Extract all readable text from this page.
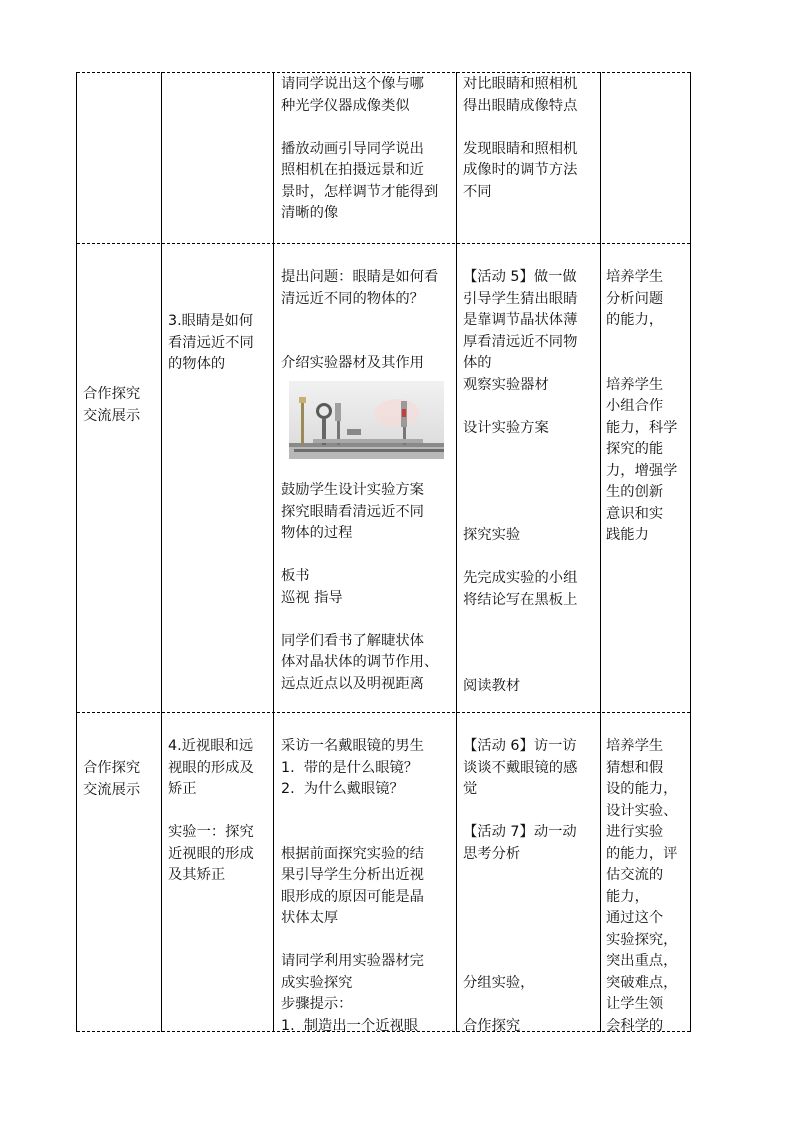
请同学说出这个像与哪
种光学仪器成像类似

播放动画引导同学说出
照相机在拍摄远景和近
景时，怎样调节才能得到
清晰的像
对比眼睛和照相机
得出眼睛成像特点

发现眼睛和照相机
成像时的调节方法
不同
合作探究
交流展示
3.眼睛是如何
看清远近不同
的物体的
提出问题：眼睛是如何看
清远近不同的物体的？

介绍实验器材及其作用
鼓励学生设计实验方案
探究眼睛看清远近不同
物体的过程

板书
巡视 指导

同学们看书了解睫状体
体对晶状体的调节作用、
远点近点以及明视距离
【活动 5】做一做
引导学生猜出眼睛
是靠调节晶状体薄
厚看清远近不同物
体的
观察实验器材

设计实验方案

探究实验

先完成实验的小组
将结论写在黑板上

阅读教材
培养学生
分析问题
的能力，

培养学生
小组合作
能力，科学
探究的能
力，增强学
生的创新
意识和实
践能力
合作探究
交流展示
4.近视眼和远
视眼的形成及
矫正

实验一：探究
近视眼的形成
及其矫正
采访一名戴眼镜的男生
1.  带的是什么眼镜？
2.  为什么戴眼镜？

根据前面探究实验的结
果引导学生分析出近视
眼形成的原因可能是晶
状体太厚

请同学利用实验器材完
成实验探究
步骤提示：
1.  制造出一个近视眼
【活动 6】访一访
谈谈不戴眼镜的感
觉

【活动 7】动一动
思考分析

分组实验，

合作探究
培养学生
猜想和假
设的能力，
设计实验、
进行实验
的能力，评
估交流的
能力，
通过这个
实验探究，
突出重点，
突破难点，
让学生领
会科学的
